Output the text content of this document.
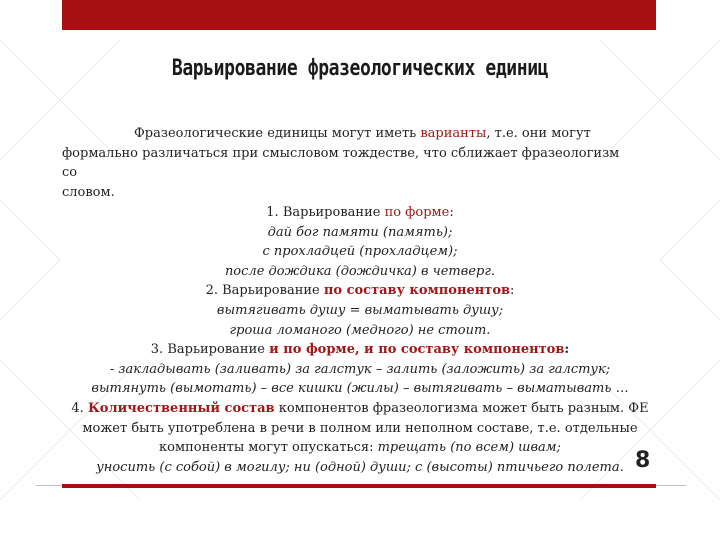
Варьирование фразеологических единиц
Фразеологические единицы могут иметь варианты, т.е. они могут
формально различаться при смысловом тождестве, что сближает фразеологизм со
словом.
1. Варьирование по форме:
дай бог памяти (память);
с прохладцей (прохладцем);
после дождика (дождичка) в четверг.
2. Варьирование по составу компонентов:
вытягивать душу = выматывать душу;
гроша ломаного (медного) не стоит.
3. Варьирование и по форме, и по составу компонентов:
- закладывать (заливать) за галстук – залить (заложить) за галстук;
вытянуть (вымотать) – все кишки (жилы) – вытягивать – выматывать …
4. Количественный состав компонентов фразеологизма может быть разным. ФЕ
может быть употреблена в речи в полном или неполном составе, т.е. отдельные
компоненты могут опускаться: трещать (по всем) швам;
уносить (с собой) в могилу; ни (одной) души; с (высоты) птичьего полета. 8
